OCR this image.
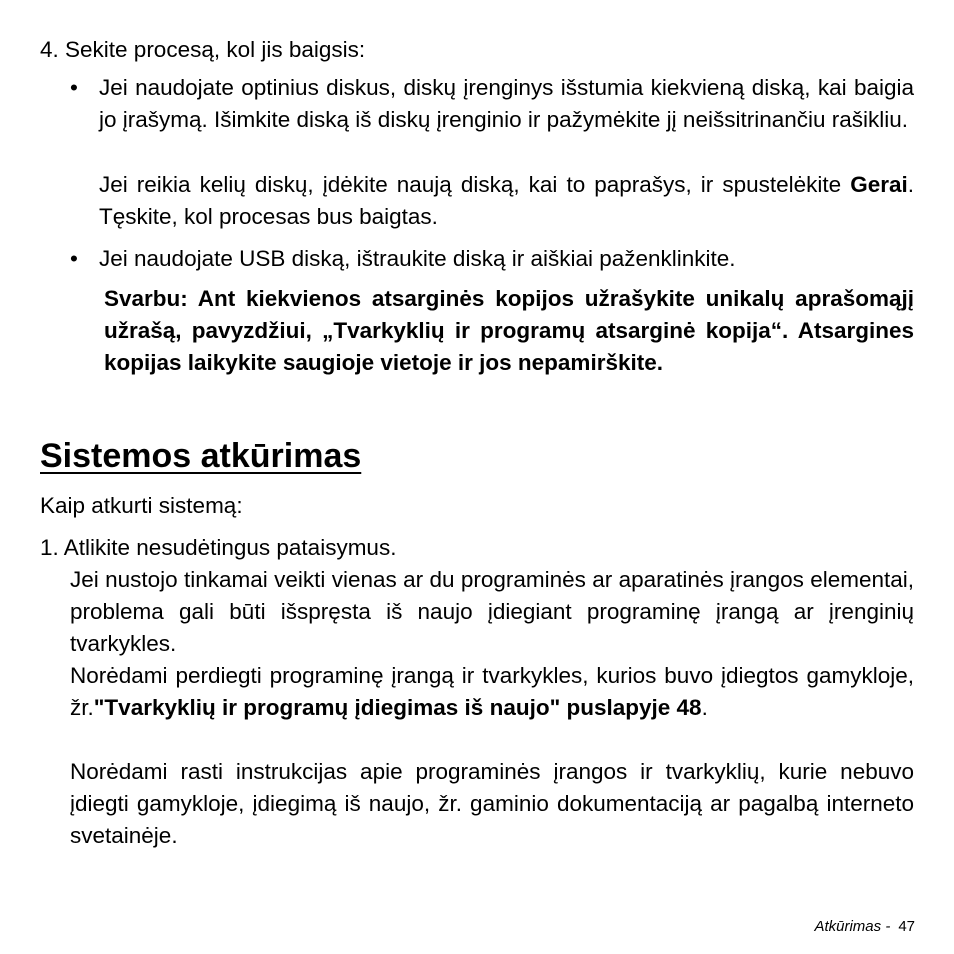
4. Sekite procesą, kol jis baigsis:
• Jei naudojate optinius diskus, diskų įrenginys išstumia kiekvieną diską, kai baigia jo įrašymą. Išimkite diską iš diskų įrenginio ir pažymėkite jį neišsitrinančiu rašikliu.
Jei reikia kelių diskų, įdėkite naują diską, kai to paprašys, ir spustelėkite Gerai. Tęskite, kol procesas bus baigtas.
• Jei naudojate USB diską, ištraukite diską ir aiškiai paženklinkite.
Svarbu: Ant kiekvienos atsarginės kopijos užrašykite unikalų aprašomąjį užrašą, pavyzdžiui, „Tvarkyklių ir programų atsarginė kopija“. Atsargines kopijas laikykite saugioje vietoje ir jos nepamirškite.
Sistemos atkūrimas
Kaip atkurti sistemą:
1. Atlikite nesudėtingus pataisymus.
Jei nustojo tinkamai veikti vienas ar du programinės ar aparatinės įrangos elementai, problema gali būti išspręsta iš naujo įdiegiant programinę įrangą ar įrenginių tvarkykles.
Norėdami perdiegti programinę įrangą ir tvarkykles, kurios buvo įdiegtos gamykloje, žr."Tvarkyklių ir programų įdiegimas iš naujo" puslapyje 48.
Norėdami rasti instrukcijas apie programinės įrangos ir tvarkyklių, kurie nebuvo įdiegti gamykloje, įdiegimą iš naujo, žr. gaminio dokumentaciją ar pagalbą interneto svetainėje.
Atkūrimas - 47
